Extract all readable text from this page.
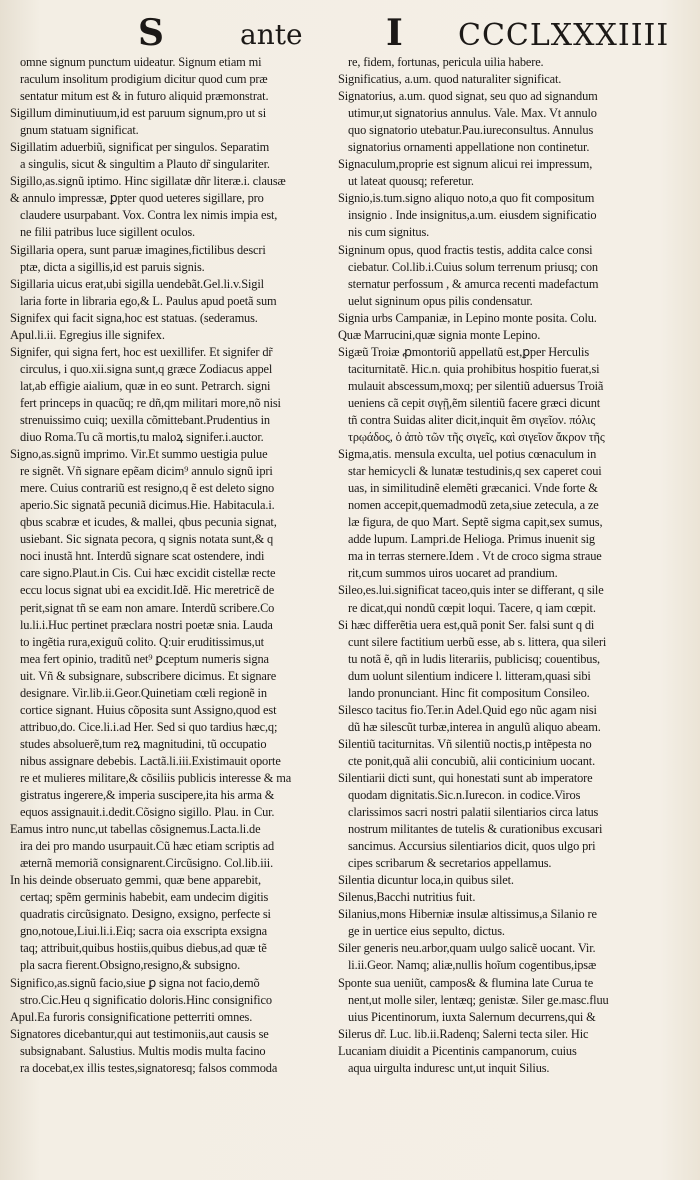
S	ante I CCCLXXXIIII
omne signum punctum uideatur. Signum etiam mi
raculum insolitum prodigium dicitur quod cum præ
sentatur mitum est & in futuro aliquid præmonstrat.
Sigillum diminutiuum,id est paruum signum,pro ut si
gnum statuam significat.
Sigillatim aduerbiũ, significat per singulos. Separatim
a singulis, sicut & singultim a Plauto dr̃ singulariter.
Sigillo,as.signũ iptimo. Hinc sigillatæ dñr literæ.i. clausæ
& annulo impressæ, ꝑpter quod ueteres sigillare, pro
claudere usurpabant. Vox. Contra lex nimis impia est,
ne filii patribus luce sigillent oculos.
Sigillaria opera, sunt paruæ imagines,fictilibus descri
ptæ, dicta a sigillis,id est paruis signis.
Sigillaria uicus erat,ubi sigilla uendebãt.Gel.li.v.Sigil
laria forte in libraria ego,& L. Paulus apud poetã sum
Signifex qui facit signa,hoc est statuas. (sederamus.
Apul.li.ii. Egregius ille signifex.
Signifer, qui signa fert, hoc est uexillifer. Et signifer dr̃
circulus, i quo.xii.signa sunt,q græce Zodiacus appel
lat,ab effigie aialium, quæ in eo sunt. Petrarch. signi
fert princeps in quacũq; re dñ,qm militari more,nõ nisi
strenuissimo cuiq; uexilla cõmittebant.Prudentius in
diuo Roma.Tu cã mortis,tu maloꝝ signifer.i.auctor.
Signo,as.signũ imprimo. Vir.Et summo uestigia pulue
re signẽt. Vñ signare epẽam dicim⁹ annulo signũ ipri
mere. Cuius contrariũ est resigno,q ẽ est deleto signo
aperio.Sic signatã pecuniã dicimus.Hie. Habitacula.i.
qbus scabræ et icudes, & mallei, qbus pecunia signat,
usiebant. Sic signata pecora, q signis notata sunt,& q
noci inustã hnt. Interdũ signare scat ostendere, indi
care signo.Plaut.in Cis. Cui hæc excidit cistellæ recte
eccu locus signat ubi ea excidit.Idẽ. Hic meretricẽ de
perit,signat tñ se eam non amare. Interdũ scribere.Co
lu.li.i.Huc pertinet præclara nostri poetæ snia. Lauda
to ingẽtia rura,exiguũ colito. Q:uir eruditissimus,ut
mea fert opinio, traditũ net⁹ ꝑceptum numeris signa
uit. Vñ & subsignare, subscribere dicimus. Et signare
designare. Vir.lib.ii.Geor.Quinetiam cœli regionẽ in
cortice signant. Huius cõposita sunt Assigno,quod est
attribuo,do. Cice.li.i.ad Her. Sed si quo tardius hæc,q;
studes absoluerẽ,tum reꝝ magnitudini, tũ occupatio
nibus assignare debebis. Lactã.li.iii.Existimauit oporte
re et mulieres militare,& cõsiliis publicis interesse & ma
gistratus ingerere,& imperia suscipere,ita his arma &
equos assignauit.i.dedit.Cõsigno sigillo. Plau. in Cur.
Eamus intro nunc,ut tabellas cõsignemus.Lacta.li.de
ira dei pro mando usurpauit.Cũ hæc etiam scriptis ad
æternã memoriã consignarent.Circũsigno. Col.lib.iii.
In his deinde obseruato gemmi, quæ bene apparebit,
certaq; spẽm germinis habebit, eam undecim digitis
quadratis circũsignato. Designo, exsigno, perfecte si
gno,notoue,Liui.li.i.Eiq; sacra oia exscripta exsigna
taq; attribuit,quibus hostiis,quibus diebus,ad quæ tẽ
pla sacra fierent.Obsigno,resigno,& subsigno.
Significo,as.signũ facio,siue ꝑ signa not facio,demõ
stro.Cic.Heu q significatio doloris.Hinc consignifico
Apul.Ea furoris consignificatione petterriti omnes.
Signatores dicebantur,qui aut testimoniis,aut causis se
subsignabant. Salustius. Multis modis multa facino
ra docebat,ex illis testes,signatoresq; falsos commoda
re, fidem, fortunas, pericula uilia habere.
Significatius, a.um. quod naturaliter significat.
Signatorius, a.um. quod signat, seu quo ad signandum
utimur,ut signatorius annulus. Vale. Max. Vt annulo
quo signatorio utebatur.Pau.iureconsultus. Annulus
signatorius ornamenti appellatione non continetur.
Signaculum,proprie est signum alicui rei impressum,
ut lateat quousq; referetur.
Signio,is.tum.signo aliquo noto,a quo fit compositum
insignio . Inde insignitus,a.um. eiusdem significatio
nis cum signitus.
Signinum opus, quod fractis testis, addita calce consi
ciebatur. Col.lib.i.Cuius solum terrenum priusq; con
sternatur perfossum , & amurca recenti madefactum
uelut signinum opus pilis condensatur.
Signia urbs Campaniæ, in Lepino monte posita. Colu.
Quæ Marrucini,quæ signia monte Lepino.
Sigæũ Troiæ ꝓmontoriũ appellatũ est,ꝑper Herculis
taciturnitatẽ. Hic.n. quia prohibitus hospitio fuerat,si
mulauit abscessum,moxq; per silentiũ aduersus Troiã
ueniens cã cepit σιγῇ,ẽm silentiũ facere græci dicunt
tñ contra Suidas aliter dicit,inquit ẽm σιγεῖον. πόλις
τρῳάδος, ὁ ἀπὸ τῶν τῆς σιγεῖς, καὶ σιγεῖον ἄκρον τῆς
Sigma,atis. mensula exculta, uel potius cœnaculum in
star hemicycli & lunatæ testudinis,q sex caperet coui
uas, in similitudinẽ elemẽti græcanici. Vnde forte &
nomen accepit,quemadmodũ zeta,siue zetecula, a ze
læ figura, de quo Mart. Septẽ sigma capit,sex sumus,
adde lupum. Lampri.de Helioga. Primus inuenit sig
ma in terras sternere.Idem . Vt de croco sigma straue
rit,cum summos uiros uocaret ad prandium.
Sileo,es.lui.significat taceo,quis inter se differant, q sile
re dicat,qui nondũ cœpit loqui. Tacere, q iam cœpit.
Si hæc differẽtia uera est,quã ponit Ser. falsi sunt q di
cunt silere factitium uerbũ esse, ab s. littera, qua sileri
tu notã ẽ, qñ in ludis literariis, publicisq; couentibus,
dum uolunt silentium indicere l. litteram,quasi sibi
lando pronunciant. Hinc fit compositum Consileo.
Silesco tacitus fio.Ter.in Adel.Quid ego nũc agam nisi
dũ hæ silescũt turbæ,interea in angulũ aliquo abeam.
Silentiũ taciturnitas. Vñ silentiũ noctis,p intẽpesta no
cte ponit,quã alii concubiũ, alii conticinium uocant.
Silentiarii dicti sunt, qui honestati sunt ab imperatore
quodam dignitatis.Sic.n.Iurecon. in codice.Viros
clarissimos sacri nostri palatii silentiarios circa latus
nostrum militantes de tutelis & curationibus excusari
sancimus. Accursius silentiarios dicit, quos ulgo pri
cipes scribarum & secretarios appellamus.
Silentia dicuntur loca,in quibus silet.
Silenus,Bacchi nutritius fuit.
Silanius,mons Hiberniæ insulæ altissimus,a Silanio re
ge in uertice eius sepulto, dictus.
Siler generis neu.arbor,quam uulgo salicẽ uocant. Vir.
li.ii.Geor. Namq; aliæ,nullis hoĩum cogentibus,ipsæ
Sponte sua ueniũt, campos& & flumina late Curua te
nent,ut molle siler, lentæq; genistæ. Siler ge.masc.fluu
uius Picentinorum, iuxta Salernum decurrens,qui &
Silerus dr̃. Luc. lib.ii.Radenq; Salerni tecta siler. Hic
Lucaniam diuidit a Picentinis campanorum, cuius
aqua uirgulta induresc unt,ut inquit Silius.
